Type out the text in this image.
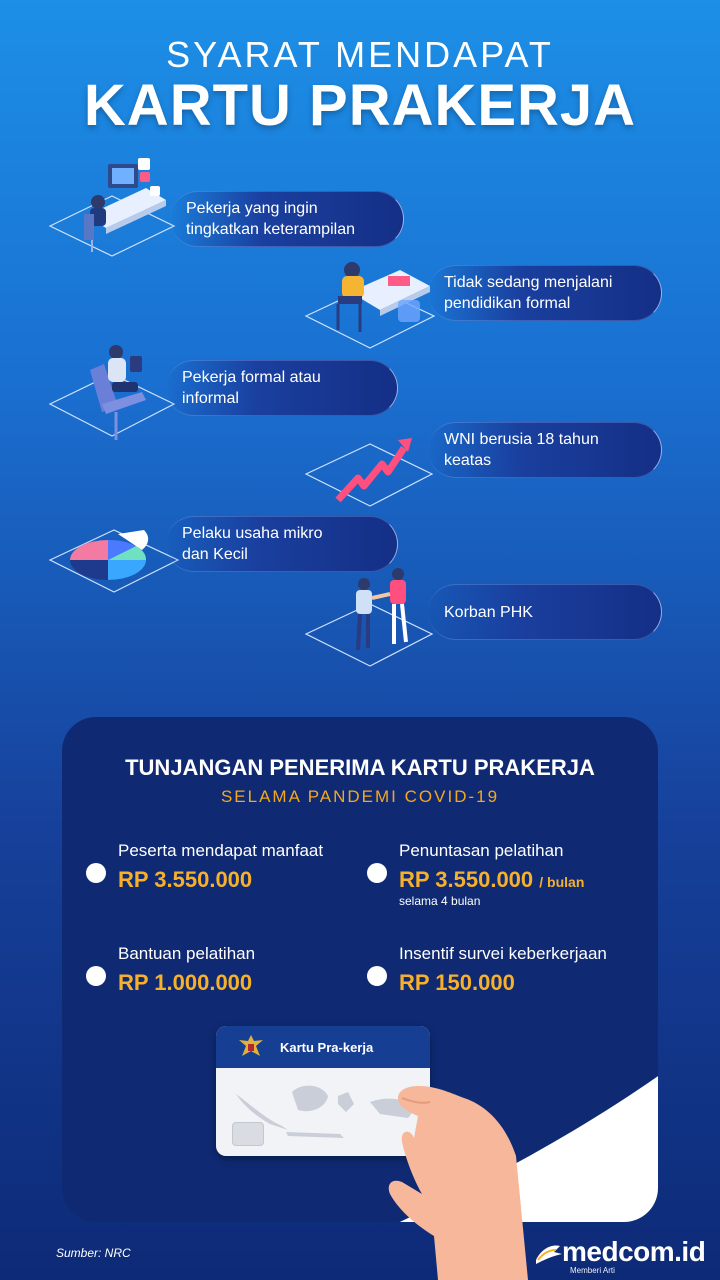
SYARAT MENDAPAT
KARTU PRAKERJA
Pekerja yang ingin
tingkatkan keterampilan
Tidak sedang menjalani
pendidikan formal
Pekerja formal atau
informal
WNI berusia 18 tahun
keatas
Pelaku usaha mikro
dan Kecil
Korban PHK
TUNJANGAN PENERIMA KARTU PRAKERJA
SELAMA PANDEMI COVID-19
Peserta mendapat manfaat
RP 3.550.000
Penuntasan pelatihan
RP 3.550.000 / bulan
selama 4 bulan
Bantuan pelatihan
RP 1.000.000
Insentif survei keberkerjaan
RP 150.000
Kartu Pra-kerja
Sumber: NRC	medcom.id
Memberi Arti
